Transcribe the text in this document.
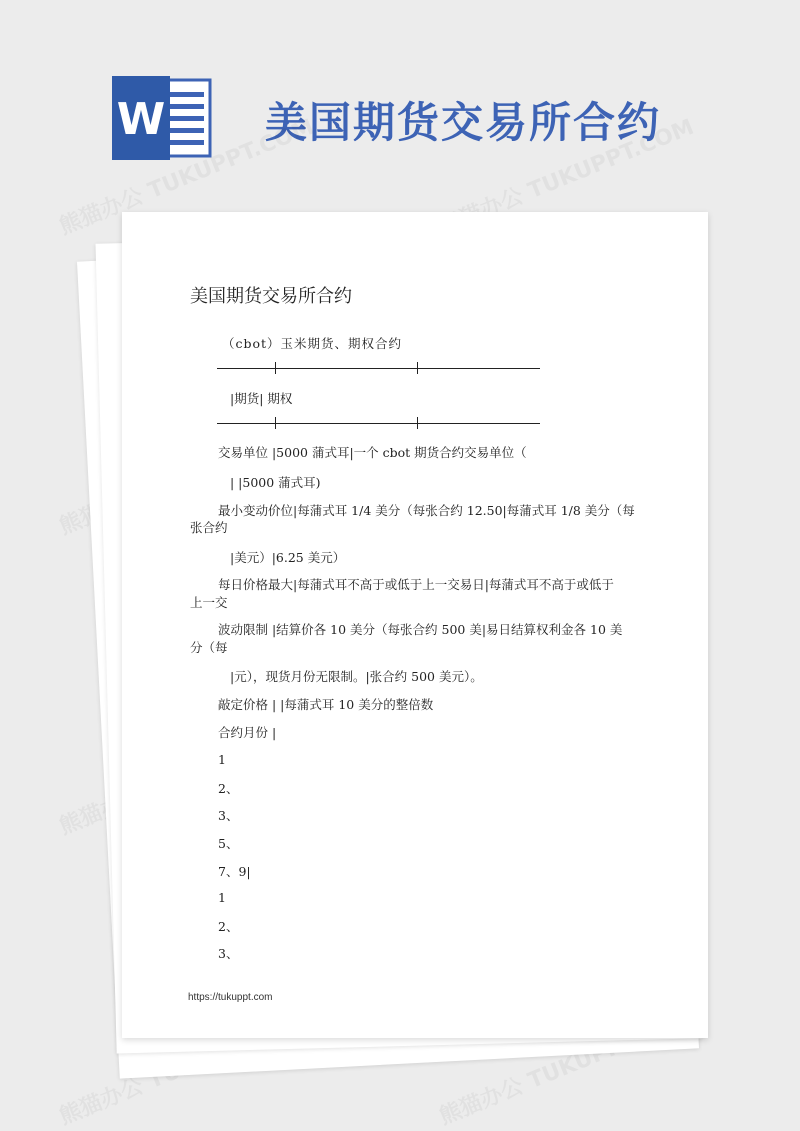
W 美国期货交易所合约
美国期货交易所合约
（cbot）玉米期货、期权合约
|期货| 期权
交易单位 |5000 蒲式耳|一个 cbot 期货合约交易单位（
| |5000 蒲式耳)
最小变动价位|每蒲式耳 1/4 美分（每张合约 12.50|每蒲式耳 1/8 美分（每
张合约
|美元）|6.25 美元）
每日价格最大|每蒲式耳不高于或低于上一交易日|每蒲式耳不高于或低于
上一交
波动限制 |结算价各 10 美分（每张合约 500 美|易日结算权利金各 10 美
分（每
|元），现货月份无限制。|张合约 500 美元）。
敲定价格 | |每蒲式耳 10 美分的整倍数
合约月份 |
1
2、
3、
5、
7、9|
1
2、
3、
https://tukuppt.com
